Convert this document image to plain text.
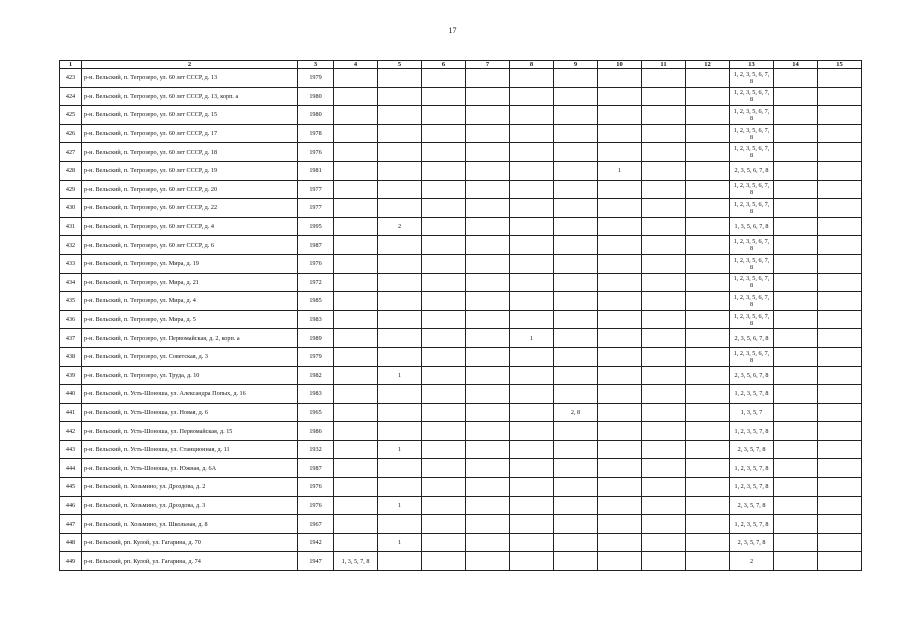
17
1	2	3	4	5	6	7	8	9	10	11	12	13	14	15
423	р-н. Вельский, п. Тегрозеро, ул. 60 лет СССР, д. 13	1979										1, 2, 3, 5, 6, 7, 8		
424	р-н. Вельский, п. Тегрозеро, ул. 60 лет СССР, д. 13, корп. а	1980										1, 2, 3, 5, 6, 7, 8		
425	р-н. Вельский, п. Тегрозеро, ул. 60 лет СССР, д. 15	1980										1, 2, 3, 5, 6, 7, 8		
426	р-н. Вельский, п. Тегрозеро, ул. 60 лет СССР, д. 17	1978										1, 2, 3, 5, 6, 7, 8		
427	р-н. Вельский, п. Тегрозеро, ул. 60 лет СССР, д. 18	1976										1, 2, 3, 5, 6, 7, 8		
428	р-н. Вельский, п. Тегрозеро, ул. 60 лет СССР, д. 19	1981							1			2, 3, 5, 6, 7, 8		
429	р-н. Вельский, п. Тегрозеро, ул. 60 лет СССР, д. 20	1977										1, 2, 3, 5, 6, 7, 8		
430	р-н. Вельский, п. Тегрозеро, ул. 60 лет СССР, д. 22	1977										1, 2, 3, 5, 6, 7, 8		
431	р-н. Вельский, п. Тегрозеро, ул. 60 лет СССР, д. 4	1995		2								1, 3, 5, 6, 7, 8		
432	р-н. Вельский, п. Тегрозеро, ул. 60 лет СССР, д. 6	1987										1, 2, 3, 5, 6, 7, 8		
433	р-н. Вельский, п. Тегрозеро, ул. Мира, д. 19	1976										1, 2, 3, 5, 6, 7, 8		
434	р-н. Вельский, п. Тегрозеро, ул. Мира, д. 21	1972										1, 2, 3, 5, 6, 7, 8		
435	р-н. Вельский, п. Тегрозеро, ул. Мира, д. 4	1985										1, 2, 3, 5, 6, 7, 8		
436	р-н. Вельский, п. Тегрозеро, ул. Мира, д. 5	1983										1, 2, 3, 5, 6, 7, 8		
437	р-н. Вельский, п. Тегрозеро, ул. Первомайская, д. 2, корп. а	1989					1					2, 3, 5, 6, 7, 8		
438	р-н. Вельский, п. Тегрозеро, ул. Советская, д. 3	1979										1, 2, 3, 5, 6, 7, 8		
439	р-н. Вельский, п. Тегрозеро, ул. Труда, д. 10	1982		1								2, 3, 5, 6, 7, 8		
440	р-н. Вельский, п. Усть-Шоноша, ул. Александра Попых, д. 16	1983										1, 2, 3, 5, 7, 8		
441	р-н. Вельский, п. Усть-Шоноша, ул. Новая, д. 6	1965						2, 8				1, 3, 5, 7		
442	р-н. Вельский, п. Усть-Шоноша, ул. Первомайская, д. 15	1986										1, 2, 3, 5, 7, 8		
443	р-н. Вельский, п. Усть-Шоноша, ул. Станционная, д. 11	1932		1								2, 3, 5, 7, 8		
444	р-н. Вельский, п. Усть-Шоноша, ул. Южная, д. 6А	1987										1, 2, 3, 5, 7, 8		
445	р-н. Вельский, п. Хозьмино, ул. Дроздова, д. 2	1976										1, 2, 3, 5, 7, 8		
446	р-н. Вельский, п. Хозьмино, ул. Дроздова, д. 3	1976		1								2, 3, 5, 7, 8		
447	р-н. Вельский, п. Хозьмино, ул. Школьная, д. 8	1967										1, 2, 3, 5, 7, 8		
448	р-н. Вельский, рп. Кулой, ул. Гагарина, д. 70	1942		1								2, 3, 5, 7, 8		
449	р-н. Вельский, рп. Кулой, ул. Гагарина, д. 74	1947	1, 3, 5, 7, 8									2		
